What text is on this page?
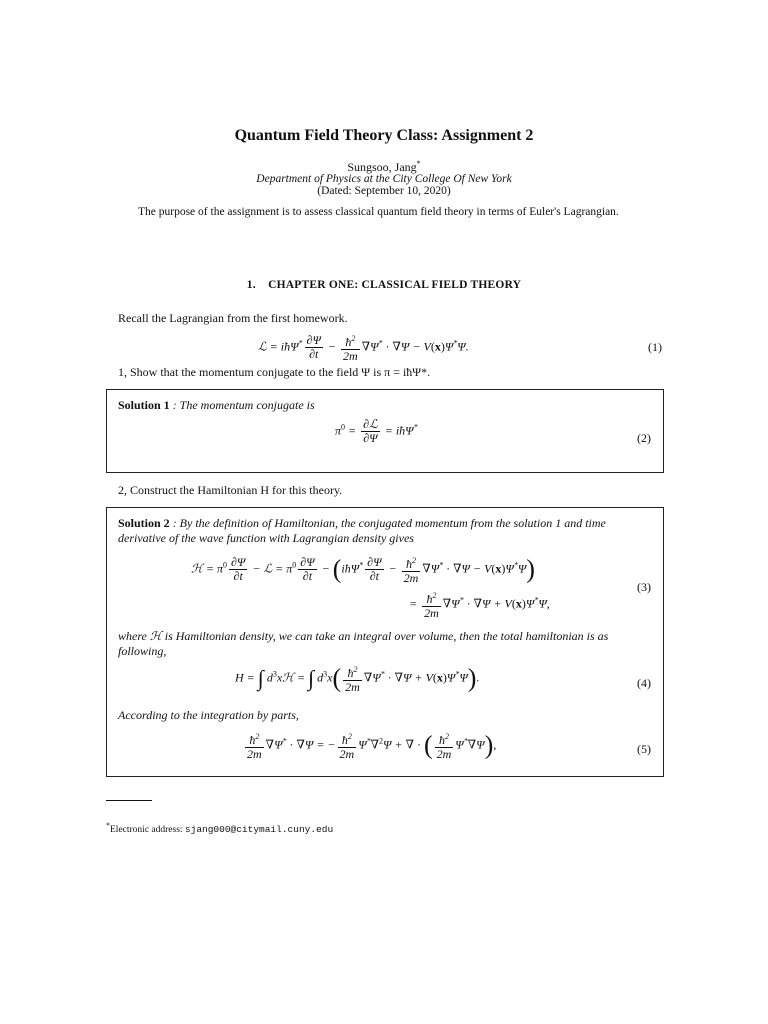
Quantum Field Theory Class: Assignment 2
Sungsoo, Jang*
Department of Physics at the City College Of New York
(Dated: September 10, 2020)
The purpose of the assignment is to assess classical quantum field theory in terms of Euler's Lagrangian.
1. CHAPTER ONE: CLASSICAL FIELD THEORY
Recall the Lagrangian from the first homework.
ℒ = iħΨ* $\frac{\partial\Psi}{\partial t} - \frac{ħ^2}{2m} \nabla\Psi^* \cdot \nabla\Psi - V(x)\Psi^*\Psi$.	(1)
1, Show that the momentum conjugate to the field Ψ is π = iħΨ*.
Solution 1 : The momentum conjugate is
$\pi^0 = \frac{\text{∂ℒ}}{\partial\Psi}$ = iħΨ*
(2)
2, Construct the Hamiltonian H for this theory.
Solution 2 : By the definition of Hamiltonian, the conjugated momentum from the solution 1 and time derivative of the wave function with Lagrangian density gives
ℋ = $\pi^0 \frac{\partial\Psi}{\partial t}$ − ℒ = $\pi^0 \frac{\partial\Psi}{\partial t}$ − (iħΨ* $\frac{\partial\Psi}{\partial t} - \frac{ħ^2}{2m} \nabla\Psi^* \cdot \nabla\Psi - V(x)\Psi^*\Psi$)
= $\frac{ħ^2}{2m} \nabla\Psi^* \cdot \nabla\Psi + V(x)\Psi^*\Psi$,
(3)
where ℋ is Hamiltonian density, we can take an integral over volume, then the total hamiltonian is as following,
H = ∫ $d^3xℋ$ = ∫ $d^3x( \frac{ħ^2}{2m} \nabla\Psi^* \cdot \nabla\Psi + V(x)\Psi^*\Psi)$.	(4)
According to the integration by parts,
$\frac{ħ^2}{2m} \nabla\Psi^* \cdot \nabla\Psi$ = − $\frac{ħ^2}{2m} \Psi^*\nabla^2\Psi$ + ∇ · ( $\frac{ħ^2}{2m} \Psi^*\nabla\Psi$),	(5)
*Electronic address: sjang000@citymail.cuny.edu
